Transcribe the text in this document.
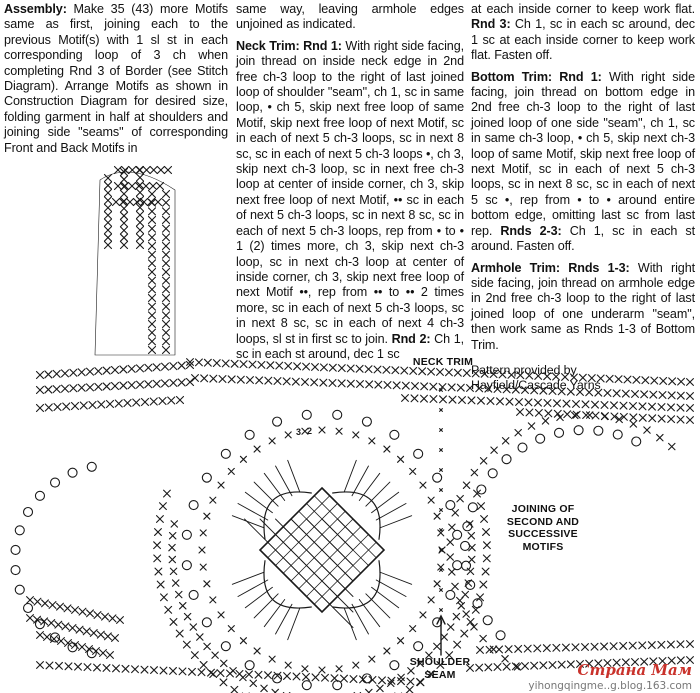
Assembly: Make 35 (43) more Motifs same as first, joining each to the previous Motif(s) with 1 sl st in each corresponding loop of 3 ch when completing Rnd 3 of Border (see Stitch Diagram). Arrange Motifs as shown in Construction Diagram for desired size, folding garment in half at shoulders and joining side "seams" of corresponding Front and Back Motifs in

same way, leaving armhole edges unjoined as indicated.

Neck Trim: Rnd 1: With right side facing, join thread on inside neck edge in 2nd free ch-3 loop to the right of last joined loop of shoulder "seam", ch 1, sc in same loop, • ch 5, skip next free loop of same Motif, skip next free loop of next Motif, sc in each of next 5 ch-3 loops, sc in next 8 sc, sc in each of next 5 ch-3 loops •, ch 3, skip next ch-3 loop, sc in next free ch-3 loop at center of inside corner, ch 3, skip next free loop of next Motif, •• sc in each of next 5 ch-3 loops, sc in next 8 sc, sc in each of next 5 ch-3 loops, rep from • to • 1 (2) times more, ch 3, skip next ch-3 loop, sc in next ch-3 loop at center of inside corner, ch 3, skip next free loop of next Motif ••, rep from •• to •• 2 times more, sc in each of next 5 ch-3 loops, sc in next 8 sc, sc in each of next 4 ch-3 loops, sl st in first sc to join. Rnd 2: Ch 1, sc in each st around, dec 1 sc

at each inside corner to keep work flat. Rnd 3: Ch 1, sc in each sc around, dec 1 sc at each inside corner to keep work flat. Fasten off.

Bottom Trim: Rnd 1: With right side facing, join thread on bottom edge in 2nd free ch-3 loop to the right of last joined loop of one side "seam", ch 1, sc in same ch-3 loop, • ch 5, skip next ch-3 loop of same Motif, skip next free loop of next Motif, sc in each of next 5 ch-3 loops, sc in next 8 sc, sc in each of next 5 sc •, rep from • to • around entire bottom edge, omitting last sc from last rep. Rnds 2-3: Ch 1, sc in each st around. Fasten off.

Armhole Trim: Rnds 1-3: With right side facing, join thread on armhole edge in 2nd free ch-3 loop to the right of last joined loop of one underarm "seam", then work same as Rnds 1-3 of Bottom Trim.

Pattern provided by
Hayfield/Cascade Yarns
2
3
NECK TRIM
JOINING OF
SECOND AND
SUCCESSIVE
MOTIFS
SHOULDER
SEAM	Страна Мам
yihongqingme..g.blog.163.com
